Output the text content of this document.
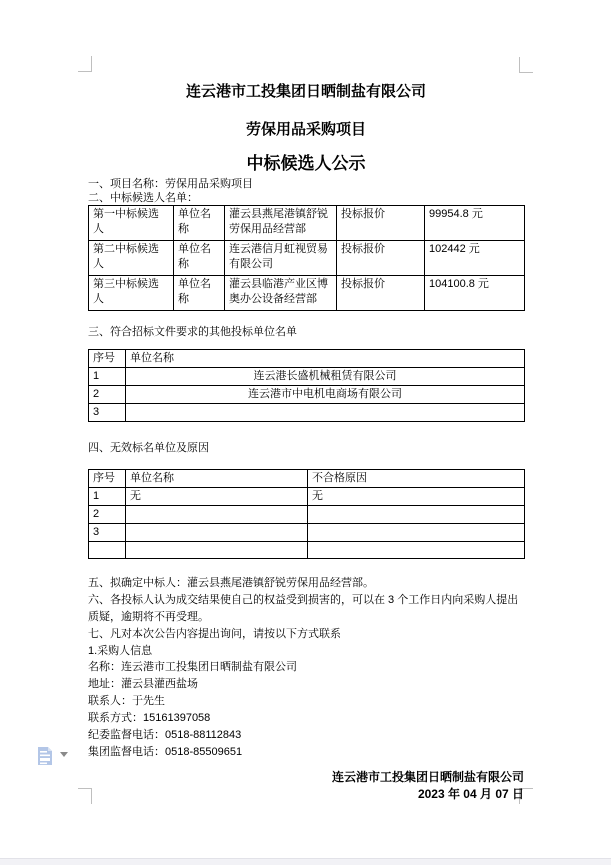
连云港市工投集团日晒制盐有限公司
劳保用品采购项目
中标候选人公示
一、项目名称：劳保用品采购项目
二、中标候选人名单：
第一中标候选人	单位名称	灌云县燕尾港镇舒锐劳保用品经营部	投标报价	99954.8 元
第二中标候选人	单位名称	连云港信月虹视贸易有限公司	投标报价	102442 元
第三中标候选人	单位名称	灌云县临港产业区博奥办公设备经营部	投标报价	104100.8 元
三、符合招标文件要求的其他投标单位名单
序号	单位名称
1	连云港长盛机械租赁有限公司
2	连云港市中电机电商场有限公司
3	
四、无效标名单位及原因
序号	单位名称	不合格原因
1	无	无
2		
3		

五、拟确定中标人：灌云县燕尾港镇舒锐劳保用品经营部。
六、各投标人认为成交结果使自己的权益受到损害的，可以在 3 个工作日内向采购人提出质疑，逾期将不再受理。
七、凡对本次公告内容提出询问，请按以下方式联系
1.采购人信息
名称：连云港市工投集团日晒制盐有限公司
地址：灌云县灌西盐场
联系人：于先生
联系方式：15161397058
纪委监督电话：0518-88112843
集团监督电话：0518-85509651
连云港市工投集团日晒制盐有限公司
2023 年 04 月 07 日
